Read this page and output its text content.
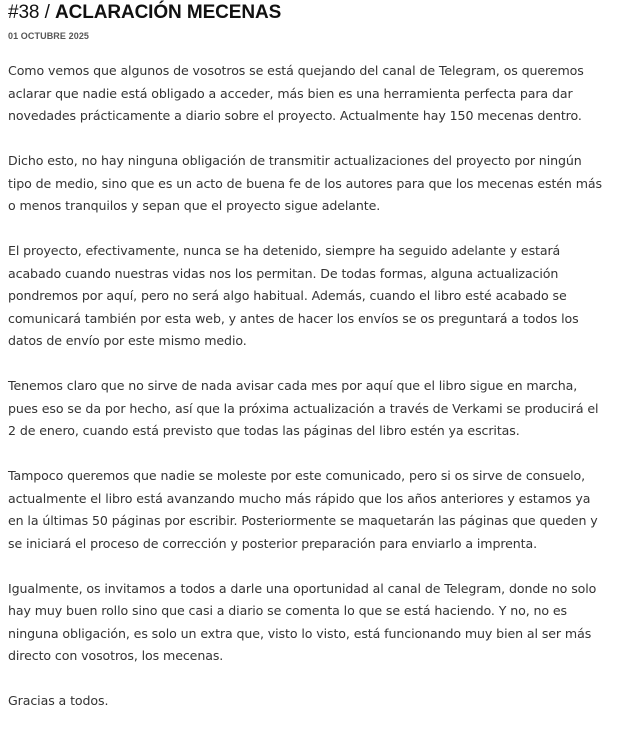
#38 / ACLARACIÓN MECENAS
01 OCTUBRE 2025

Como vemos que algunos de vosotros se está quejando del canal de Telegram, os queremos aclarar que nadie está obligado a acceder, más bien es una herramienta perfecta para dar novedades prácticamente a diario sobre el proyecto. Actualmente hay 150 mecenas dentro.

Dicho esto, no hay ninguna obligación de transmitir actualizaciones del proyecto por ningún tipo de medio, sino que es un acto de buena fe de los autores para que los mecenas estén más o menos tranquilos y sepan que el proyecto sigue adelante.

El proyecto, efectivamente, nunca se ha detenido, siempre ha seguido adelante y estará acabado cuando nuestras vidas nos los permitan. De todas formas, alguna actualización pondremos por aquí, pero no será algo habitual. Además, cuando el libro esté acabado se comunicará también por esta web, y antes de hacer los envíos se os preguntará a todos los datos de envío por este mismo medio.

Tenemos claro que no sirve de nada avisar cada mes por aquí que el libro sigue en marcha, pues eso se da por hecho, así que la próxima actualización a través de Verkami se producirá el 2 de enero, cuando está previsto que todas las páginas del libro estén ya escritas.

Tampoco queremos que nadie se moleste por este comunicado, pero si os sirve de consuelo, actualmente el libro está avanzando mucho más rápido que los años anteriores y estamos ya en la últimas 50 páginas por escribir. Posteriormente se maquetarán las páginas que queden y se iniciará el proceso de corrección y posterior preparación para enviarlo a imprenta.

Igualmente, os invitamos a todos a darle una oportunidad al canal de Telegram, donde no solo hay muy buen rollo sino que casi a diario se comenta lo que se está haciendo. Y no, no es ninguna obligación, es solo un extra que, visto lo visto, está funcionando muy bien al ser más directo con vosotros, los mecenas.

Gracias a todos.
